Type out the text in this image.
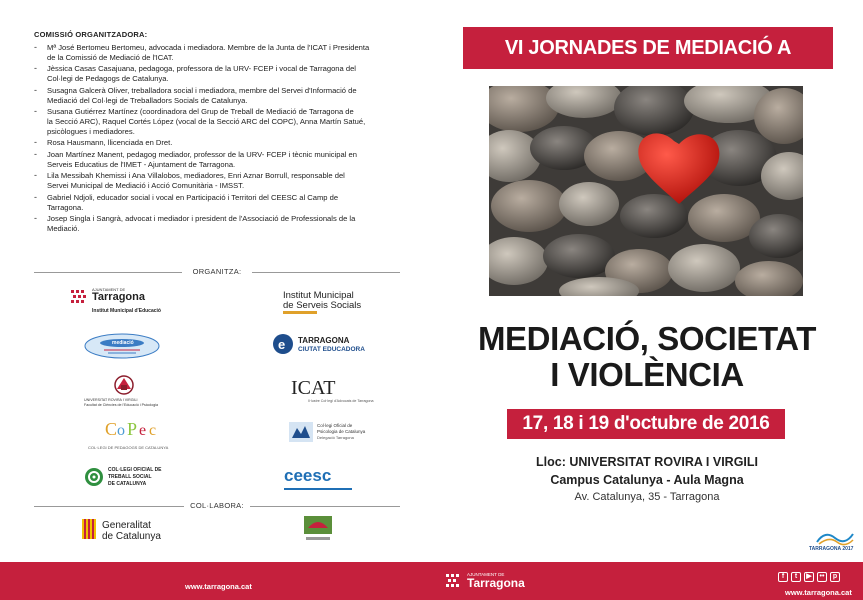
COMISSIÓ ORGANITZADORA:
- Mª José Bertomeu Bertomeu, advocada i mediadora. Membre de la Junta de l'ICAT i Presidenta
de la Comissió de Mediació de l'ICAT.
- Jèssica Casas Casajuana, pedagoga, professora de la URV- FCEP i vocal de Tarragona del
Col·legi de Pedagogs de Catalunya.
- Susagna Galcerà Oliver, treballadora social i mediadora, membre del Servei d'Informació de
Mediació del Col·legi de Treballadors Socials de Catalunya.
- Susana Gutiérrez Martínez (coordinadora del Grup de Treball de Mediació de Tarragona de
la Secció ARC), Raquel Cortés López (vocal de la Secció ARC del COPC), Anna Martín Satué,
psicòlogues i mediadores.
- Rosa Hausmann, llicenciada en Dret.
- Joan Martínez Manent, pedagog mediador, professor de la URV- FCEP i tècnic municipal en
Serveis Educatius de l'IMET - Ajuntament de Tarragona.
- Lila Messibah Khemissi i Ana Villalobos, mediadores, Enri Aznar Borrull, responsable del
Servei Municipal de Mediació i Acció Comunitària - IMSST.
- Gabriel Ndjoli, educador social i vocal en Participació i Territori del CEESC al Camp de
Tarragona.
- Josep Singla i Sangrà, advocat i mediador i president de l'Associació de Professionals de la
Mediació.
ORGANITZA:
AJUNTAMENT DE
Tarragona
Institut Municipal d'Educació
mediació
UNIVERSITAT ROVIRA I VIRGILI
Facultat de Ciències de l'Educació i Psicologia
C o P e c
COL·LEGI DE PEDAGOGS DE CATALUNYA
COL·LEGI OFICIAL DE
TREBALL SOCIAL
DE CATALUNYA
Institut Municipal
de Serveis Socials
e TARRAGONA
CIUTAT EDUCADORA
ICAT
Il·lustre Col·legi d'Advocats de Tarragona
Col·legi Oficial de
Psicologia de Catalunya
Delegació Tarragona
ceesc
COL·LABORA:
Generalitat
de Catalunya
VI JORNADES DE MEDIACIÓ A
MEDIACIÓ, SOCIETAT
I VIOLÈNCIA
17, 18 i 19 d'octubre de 2016
Lloc: UNIVERSITAT ROVIRA I VIRGILI
Campus Catalunya - Aula Magna
Av. Catalunya, 35 - Tarragona
TARRAGONA 2017
www.tarragona.cat
AJUNTAMENT DE
Tarragona	f	t	▶	••	p
www.tarragona.cat
